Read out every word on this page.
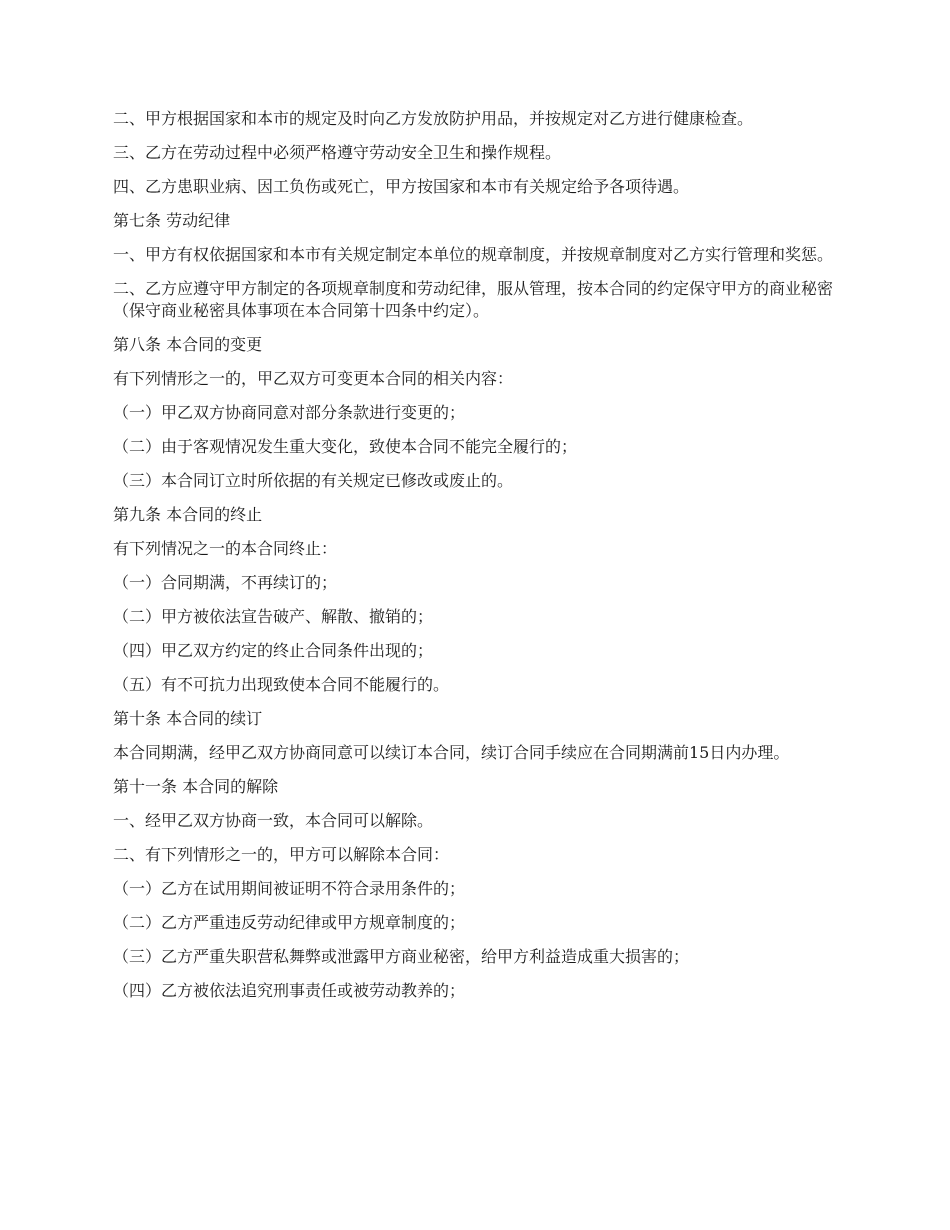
二、甲方根据国家和本市的规定及时向乙方发放防护用品，并按规定对乙方进行健康检查。

三、乙方在劳动过程中必须严格遵守劳动安全卫生和操作规程。

四、乙方患职业病、因工负伤或死亡，甲方按国家和本市有关规定给予各项待遇。

第七条 劳动纪律

一、甲方有权依据国家和本市有关规定制定本单位的规章制度，并按规章制度对乙方实行管理和奖惩。

二、乙方应遵守甲方制定的各项规章制度和劳动纪律，服从管理，按本合同的约定保守甲方的商业秘密（保守商业秘密具体事项在本合同第十四条中约定）。

第八条 本合同的变更

有下列情形之一的，甲乙双方可变更本合同的相关内容：

（一）甲乙双方协商同意对部分条款进行变更的；

（二）由于客观情况发生重大变化，致使本合同不能完全履行的；

（三）本合同订立时所依据的有关规定已修改或废止的。

第九条 本合同的终止

有下列情况之一的本合同终止：

（一）合同期满，不再续订的；

（二）甲方被依法宣告破产、解散、撤销的；

（四）甲乙双方约定的终止合同条件出现的；

（五）有不可抗力出现致使本合同不能履行的。

第十条 本合同的续订

本合同期满，经甲乙双方协商同意可以续订本合同，续订合同手续应在合同期满前15日内办理。

第十一条 本合同的解除

一、经甲乙双方协商一致，本合同可以解除。

二、有下列情形之一的，甲方可以解除本合同：

（一）乙方在试用期间被证明不符合录用条件的；

（二）乙方严重违反劳动纪律或甲方规章制度的；

（三）乙方严重失职营私舞弊或泄露甲方商业秘密，给甲方利益造成重大损害的；

（四）乙方被依法追究刑事责任或被劳动教养的；
